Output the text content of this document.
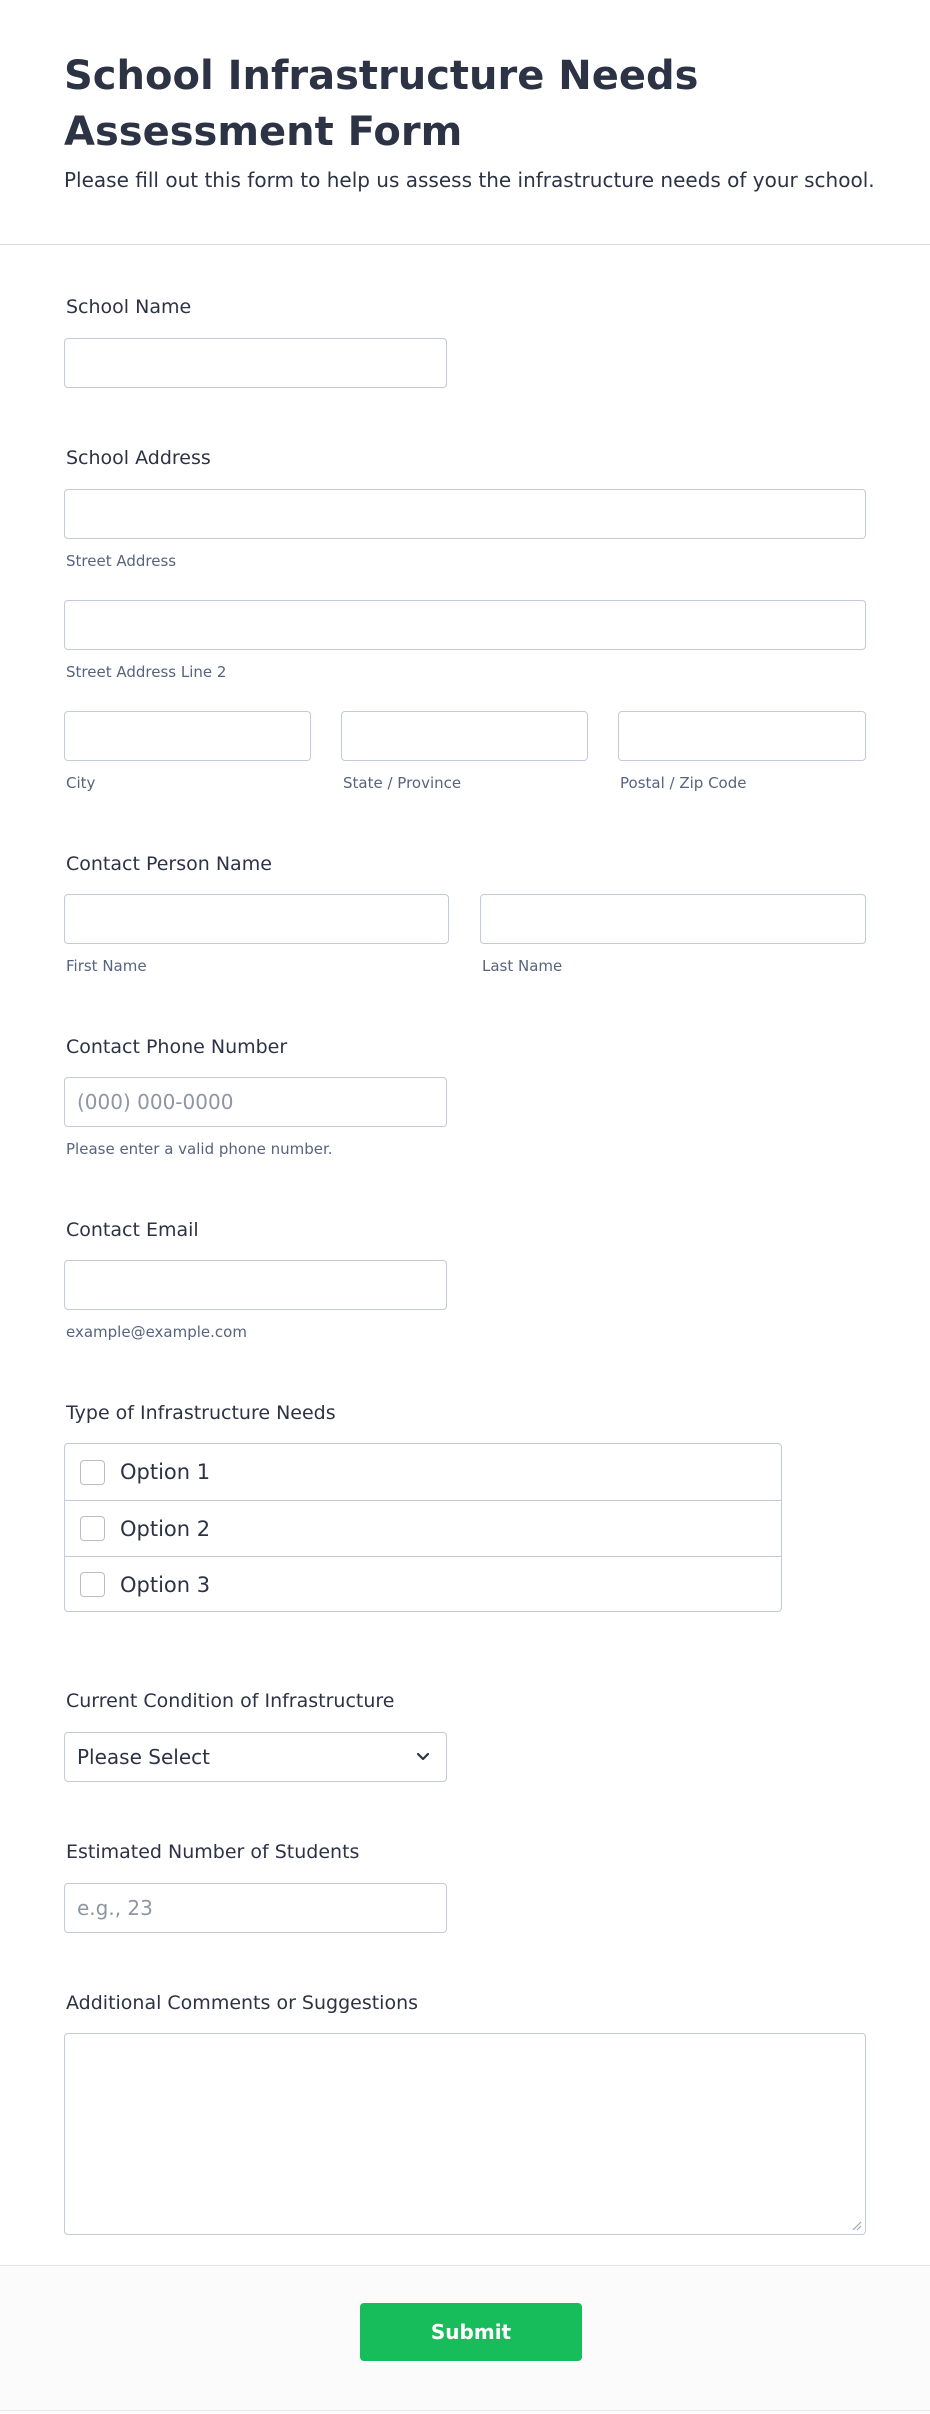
School Infrastructure Needs Assessment Form

Please fill out this form to help us assess the infrastructure needs of your school.

School Name
School Address
Street Address
Street Address Line 2
City	State / Province	Postal / Zip Code
Contact Person Name
First Name	Last Name
Contact Phone Number
(000) 000-0000
Please enter a valid phone number.
Contact Email
example@example.com
Type of Infrastructure Needs
Option 1
Option 2
Option 3
Current Condition of Infrastructure
Please Select
Estimated Number of Students
e.g., 23
Additional Comments or Suggestions
Submit
